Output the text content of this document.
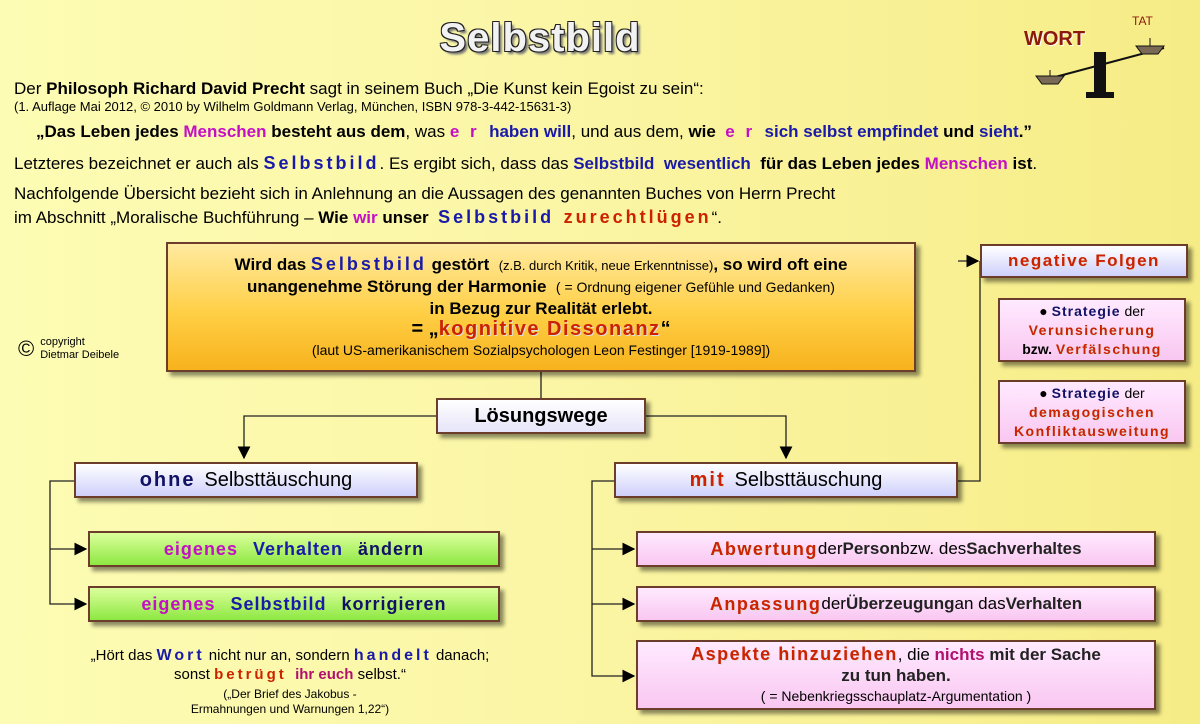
Selbstbild	WORT
TAT
Der Philosoph Richard David Precht sagt in seinem Buch „Die Kunst kein Egoist zu sein“:
(1. Auflage Mai 2012, © 2010 by Wilhelm Goldmann Verlag, München, ISBN 978-3-442-15631-3)
„Das Leben jedes Menschen besteht aus dem, was e r haben will, und aus dem, wie e r sich selbst empfindet und sieht.”
Letzteres bezeichnet er auch als Selbstbild. Es ergibt sich, dass das Selbstbild wesentlich für das Leben jedes Menschen ist.
Nachfolgende Übersicht bezieht sich in Anlehnung an die Aussagen des genannten Buches von Herrn Precht
im Abschnitt „Moralische Buchführung – Wie wir unser Selbstbild zurechtlügen“.
© copyright
Dietmar Deibele
Wird das Selbstbild gestört (z.B. durch Kritik, neue Erkenntnisse), so wird oft eine
unangenehme Störung der Harmonie ( = Ordnung eigener Gefühle und Gedanken)
in Bezug zur Realität erlebt.
= „kognitive Dissonanz“
(laut US-amerikanischem Sozialpsychologen Leon Festinger [1919-1989])
Lösungswege
ohne
Selbsttäuschung	mit
Selbsttäuschung
eigenes
Verhalten
ändern
eigenes
Selbstbild
korrigieren
„Hört das Wort nicht nur an, sondern handelt danach;
sonst betrügt ihr euch selbst.“
(„Der Brief des Jakobus -
Ermahnungen und Warnungen 1,22“)
Abwertung der Person bzw. des Sachverhaltes
Anpassung der Überzeugung an das Verhalten
Aspekte hinzuziehen, die nichts mit der Sache
zu tun haben.
( = Nebenkriegsschauplatz-Argumentation )
negative Folgen
● Strategie der
Verunsicherung
bzw. Verfälschung
● Strategie der
demagogischen
Konfliktausweitung
